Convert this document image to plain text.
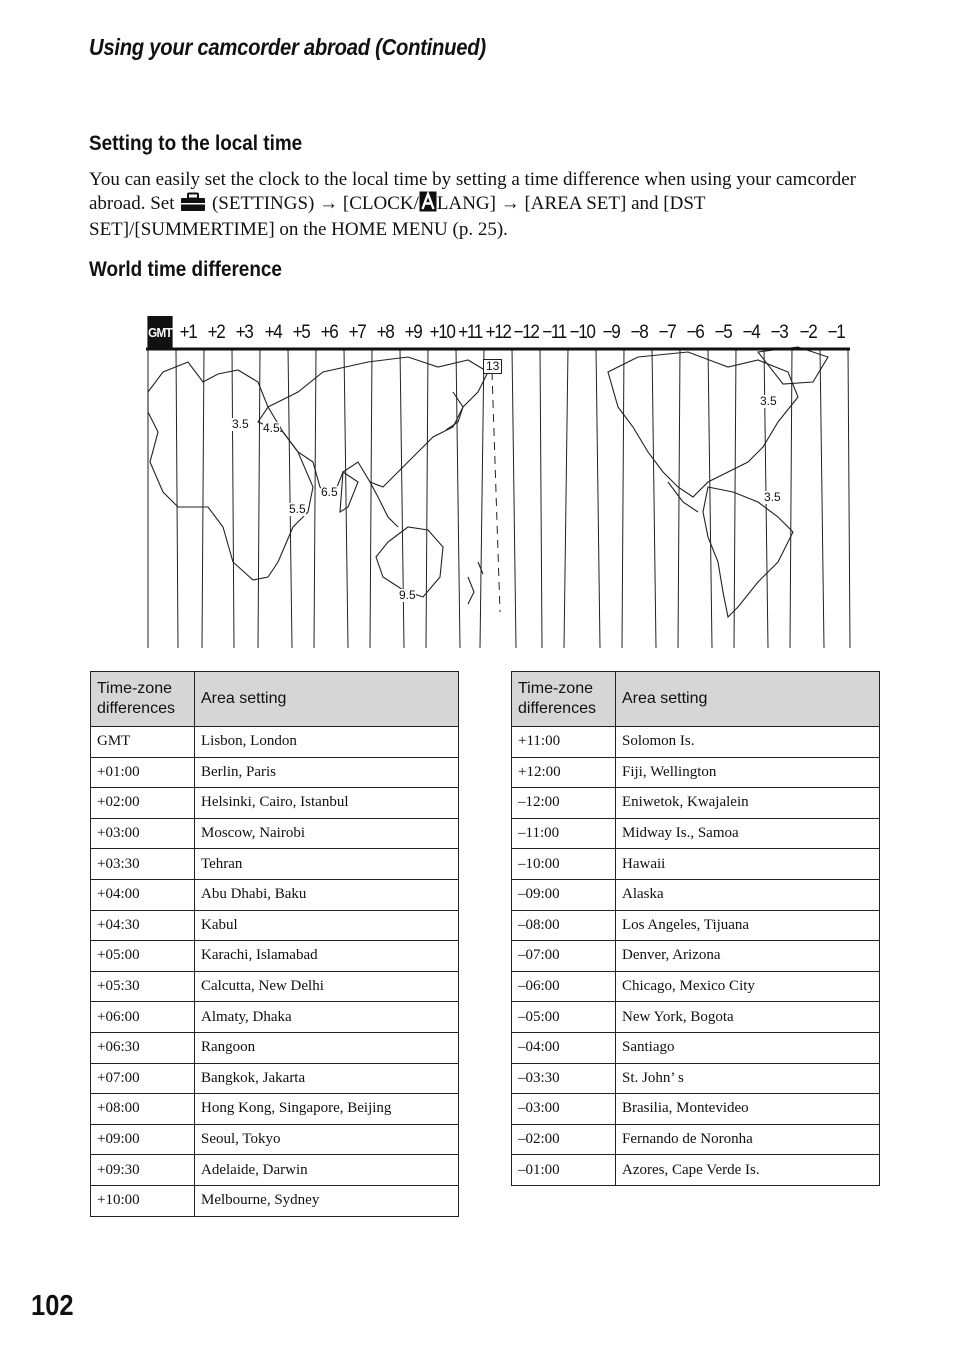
Using your camcorder abroad (Continued)
Setting to the local time
You can easily set the clock to the local time by setting a time difference when using your camcorder abroad. Set  (SETTINGS) → [CLOCK/ LANG] → [AREA SET] and [DST SET]/[SUMMERTIME] on the HOME MENU (p. 25).
World time difference
GMT +1 +2 +3 +4 +5 +6 +7 +8 +9 +10 +11 +12 −12 −11 −10 −9 −8 −7 −6 −5 −4 −3 −2 −1
3.5 4.5
5.5
6.5
9.5
13
3.5
3.5
Time-zone differences	Area setting
GMT	Lisbon, London
+01:00	Berlin, Paris
+02:00	Helsinki, Cairo, Istanbul
+03:00	Moscow, Nairobi
+03:30	Tehran
+04:00	Abu Dhabi, Baku
+04:30	Kabul
+05:00	Karachi, Islamabad
+05:30	Calcutta, New Delhi
+06:00	Almaty, Dhaka
+06:30	Rangoon
+07:00	Bangkok, Jakarta
+08:00	Hong Kong, Singapore, Beijing
+09:00	Seoul, Tokyo
+09:30	Adelaide, Darwin
+10:00	Melbourne, Sydney
Time-zone differences	Area setting
+11:00	Solomon Is.
+12:00	Fiji, Wellington
–12:00	Eniwetok, Kwajalein
–11:00	Midway Is., Samoa
–10:00	Hawaii
–09:00	Alaska
–08:00	Los Angeles, Tijuana
–07:00	Denver, Arizona
–06:00	Chicago, Mexico City
–05:00	New York, Bogota
–04:00	Santiago
–03:30	St. John’ s
–03:00	Brasilia, Montevideo
–02:00	Fernando de Noronha
–01:00	Azores, Cape Verde Is.
102
